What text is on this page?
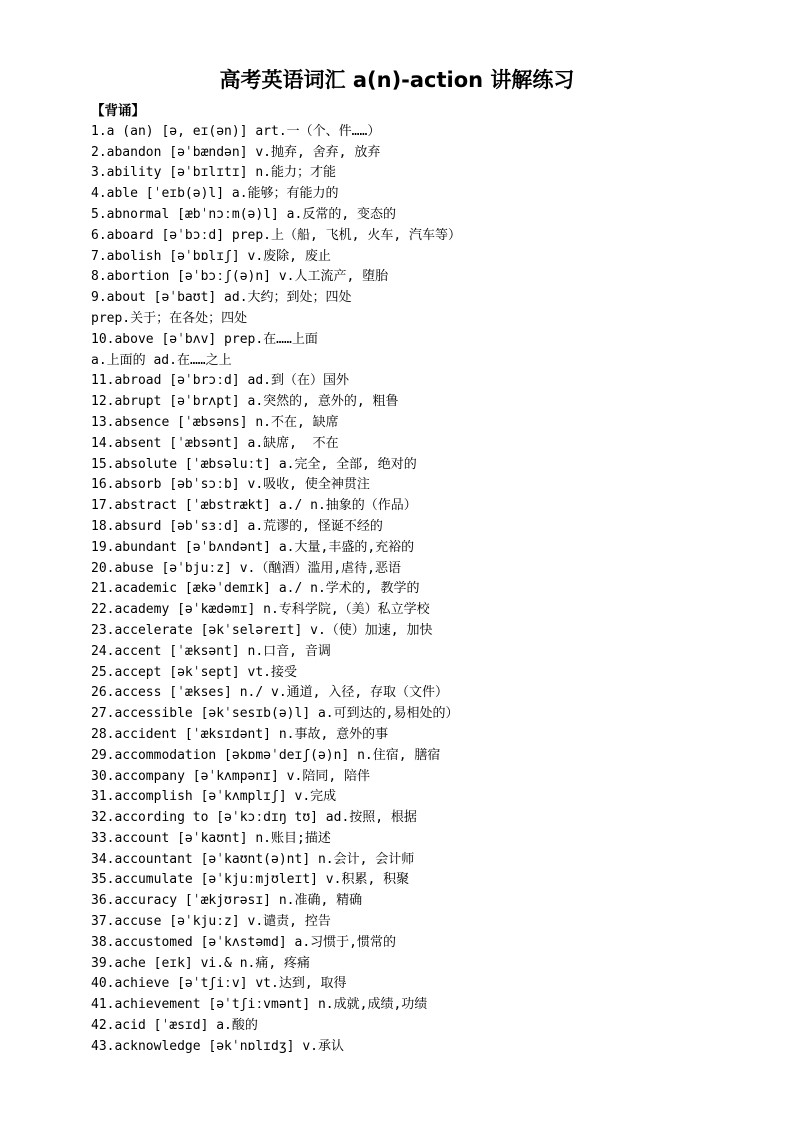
高考英语词汇 a(n)-action 讲解练习
【背诵】
1.a (an) [ə, eɪ(ən)] art.一（个、件……）
2.abandon [əˈbændən] v.抛弃, 舍弃, 放弃
3.ability [əˈbɪlɪtɪ] n.能力；才能
4.able [ˈeɪb(ə)l] a.能够；有能力的
5.abnormal [æbˈnɔːm(ə)l] a.反常的, 变态的
6.aboard [əˈbɔːd] prep.上（船, 飞机, 火车, 汽车等）
7.abolish [əˈbɒlɪʃ] v.废除, 废止
8.abortion [əˈbɔːʃ(ə)n] v.人工流产, 堕胎
9.about [əˈbaʊt] ad.大约；到处；四处
prep.关于；在各处；四处
10.above [əˈbʌv] prep.在……上面
a.上面的 ad.在……之上
11.abroad [əˈbrɔːd] ad.到（在）国外
12.abrupt [əˈbrʌpt] a.突然的, 意外的, 粗鲁
13.absence [ˈæbsəns] n.不在, 缺席
14.absent [ˈæbsənt] a.缺席,  不在
15.absolute [ˈæbsəluːt] a.完全, 全部, 绝对的
16.absorb [əbˈsɔːb] v.吸收, 使全神贯注
17.abstract [ˈæbstrækt] a./ n.抽象的（作品）
18.absurd [əbˈsɜːd] a.荒谬的, 怪诞不经的
19.abundant [əˈbʌndənt] a.大量,丰盛的,充裕的
20.abuse [əˈbjuːz] v.（酗酒）滥用,虐待,恶语
21.academic [ækəˈdemɪk] a./ n.学术的, 教学的
22.academy [əˈkædəmɪ] n.专科学院,（美）私立学校
23.accelerate [əkˈseləreɪt] v.（使）加速, 加快
24.accent [ˈæksənt] n.口音, 音调
25.accept [əkˈsept] vt.接受
26.access [ˈækses] n./ v.通道, 入径, 存取（文件）
27.accessible [əkˈsesɪb(ə)l] a.可到达的,易相处的）
28.accident [ˈæksɪdənt] n.事故, 意外的事
29.accommodation [əkɒməˈdeɪʃ(ə)n] n.住宿, 膳宿
30.accompany [əˈkʌmpənɪ] v.陪同, 陪伴
31.accomplish [əˈkʌmplɪʃ] v.完成
32.according to [əˈkɔːdɪŋ tʊ] ad.按照, 根据
33.account [əˈkaʊnt] n.账目;描述
34.accountant [əˈkaʊnt(ə)nt] n.会计, 会计师
35.accumulate [əˈkjuːmjʊleɪt] v.积累, 积聚
36.accuracy [ˈækjʊrəsɪ] n.准确, 精确
37.accuse [əˈkjuːz] v.谴责, 控告
38.accustomed [əˈkʌstəmd] a.习惯于,惯常的
39.ache [eɪk] vi.& n.痛, 疼痛
40.achieve [əˈtʃiːv] vt.达到, 取得
41.achievement [əˈtʃiːvmənt] n.成就,成绩,功绩
42.acid [ˈæsɪd] a.酸的
43.acknowledge [əkˈnɒlɪdʒ] v.承认
